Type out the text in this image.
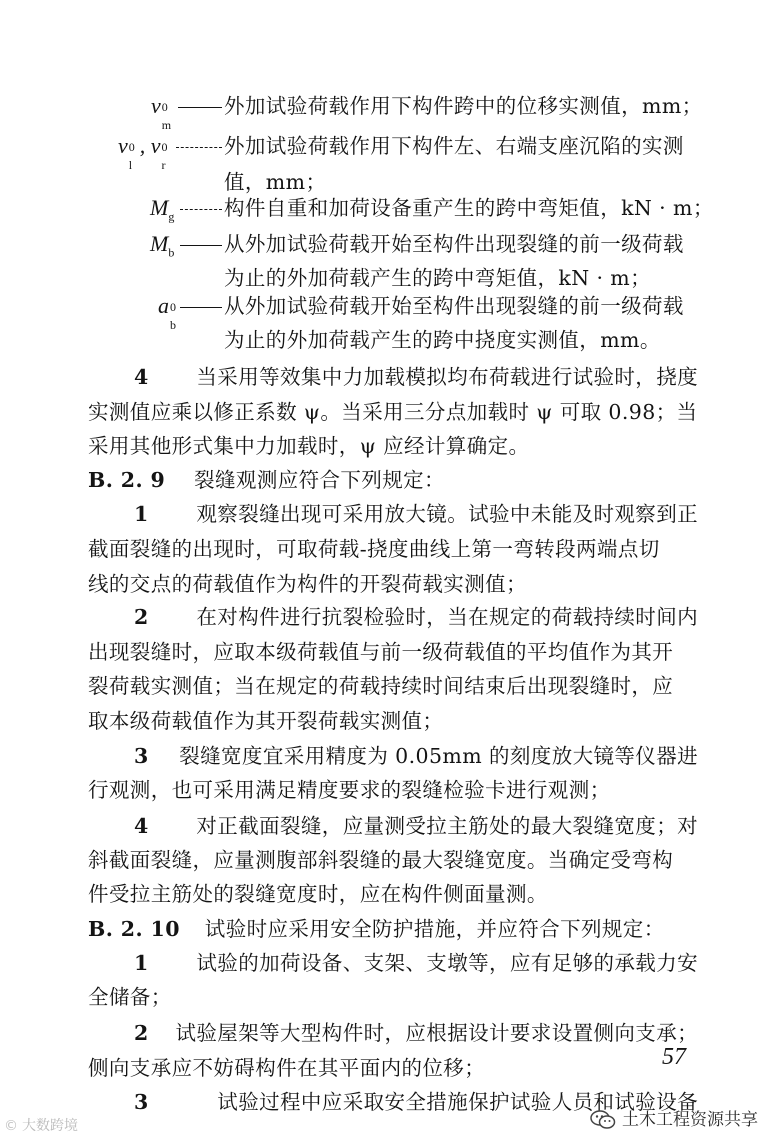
v 0
m
外加试验荷载作用下构件跨中的位移实测值，mm；
v 0
l
, v 0
r
外加试验荷载作用下构件左、右端支座沉陷的实测
值，mm；
$M_g$ 构件自重和加荷设备重产生的跨中弯矩值，kN · m；
$M_b$ 从外加试验荷载开始至构件出现裂缝的前一级荷载
为止的外加荷载产生的跨中弯矩值，kN · m；
a 0
b
从外加试验荷载开始至构件出现裂缝的前一级荷载
为止的外加荷载产生的跨中挠度实测值，mm。
4 当采用等效集中力加载模拟均布荷载进行试验时，挠度
实测值应乘以修正系数 ψ。当采用三分点加载时 ψ 可取 0.98；当
采用其他形式集中力加载时，ψ 应经计算确定。
B. 2. 9 裂缝观测应符合下列规定：
1 观察裂缝出现可采用放大镜。试验中未能及时观察到正
截面裂缝的出现时，可取荷载-挠度曲线上第一弯转段两端点切
线的交点的荷载值作为构件的开裂荷载实测值；
2 在对构件进行抗裂检验时，当在规定的荷载持续时间内
出现裂缝时，应取本级荷载值与前一级荷载值的平均值作为其开
裂荷载实测值；当在规定的荷载持续时间结束后出现裂缝时，应
取本级荷载值作为其开裂荷载实测值；
3 裂缝宽度宜采用精度为 0.05mm 的刻度放大镜等仪器进
行观测，也可采用满足精度要求的裂缝检验卡进行观测；
4 对正截面裂缝，应量测受拉主筋处的最大裂缝宽度；对
斜截面裂缝，应量测腹部斜裂缝的最大裂缝宽度。当确定受弯构
件受拉主筋处的裂缝宽度时，应在构件侧面量测。
B. 2. 10 试验时应采用安全防护措施，并应符合下列规定：
1 试验的加荷设备、支架、支墩等，应有足够的承载力安
全储备；
2 试验屋架等大型构件时，应根据设计要求设置侧向支承；
侧向支承应不妨碍构件在其平面内的位移；
3	试验过程中应采取安全措施保护试验人员和试验设备
57
土木工程资源共享
© 大数跨境
